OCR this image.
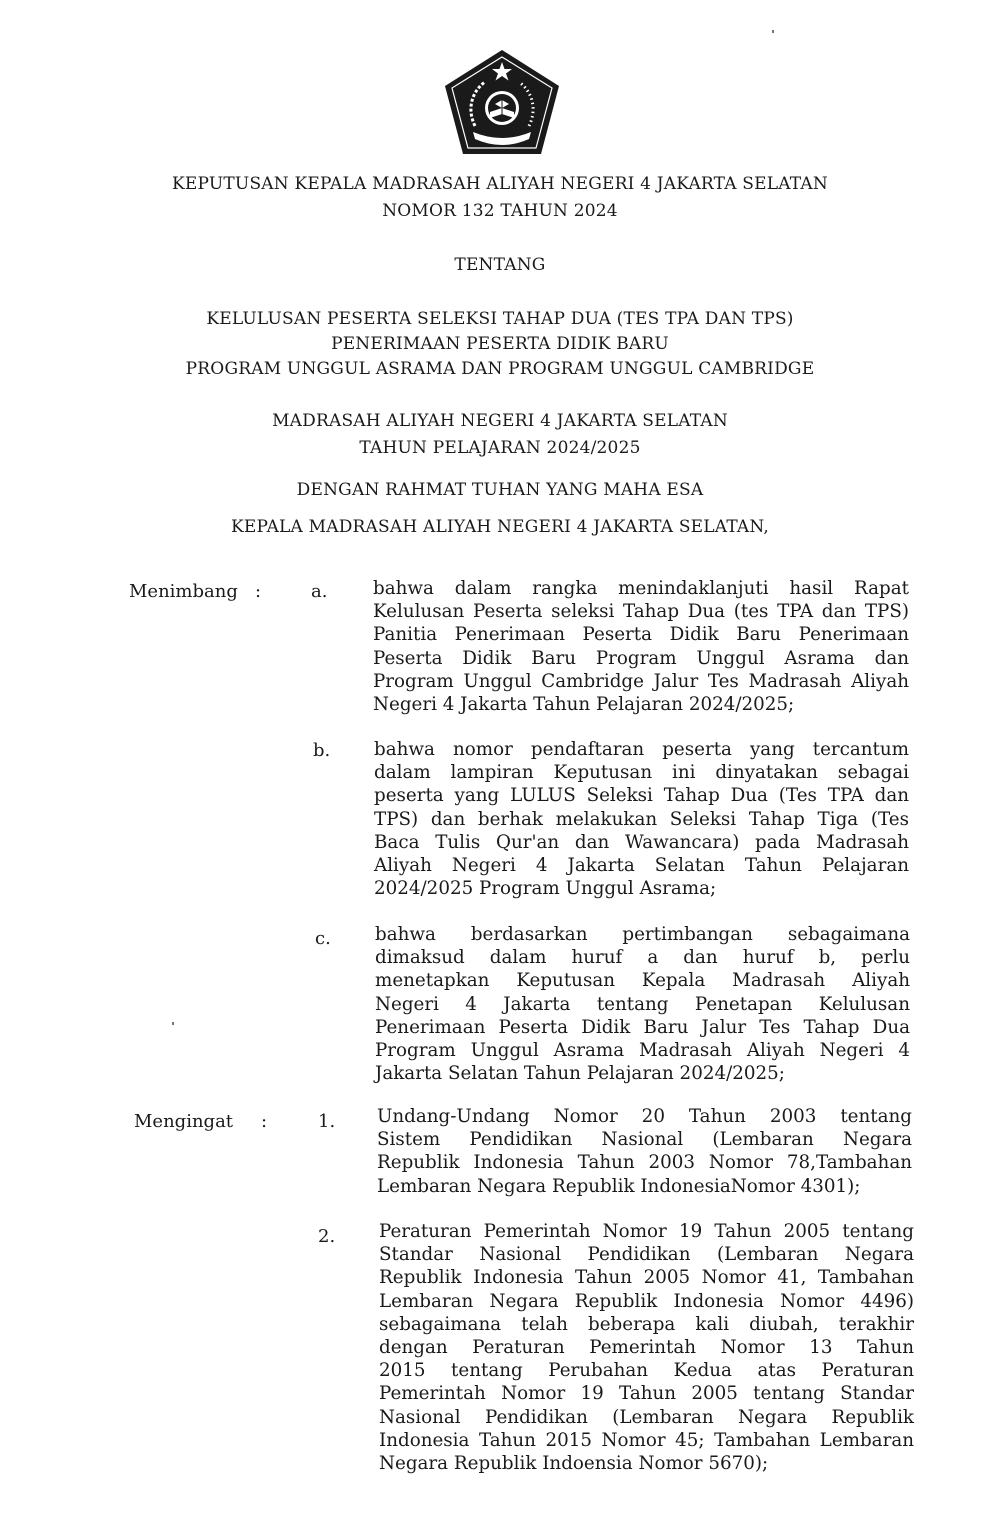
KEPUTUSAN KEPALA MADRASAH ALIYAH NEGERI 4 JAKARTA SELATAN
NOMOR 132 TAHUN 2024
TENTANG
KELULUSAN PESERTA SELEKSI TAHAP DUA (TES TPA DAN TPS)
PENERIMAAN PESERTA DIDIK BARU
PROGRAM UNGGUL ASRAMA DAN PROGRAM UNGGUL CAMBRIDGE
MADRASAH ALIYAH NEGERI 4 JAKARTA SELATAN
TAHUN PELAJARAN 2024/2025
DENGAN RAHMAT TUHAN YANG MAHA ESA
KEPALA MADRASAH ALIYAH NEGERI 4 JAKARTA SELATAN,
Menimbang :	a. bahwa dalam rangka menindaklanjuti hasil Rapat
Kelulusan Peserta seleksi Tahap Dua (tes TPA dan TPS)
Panitia Penerimaan Peserta Didik Baru Penerimaan
Peserta Didik Baru Program Unggul Asrama dan
Program Unggul Cambridge Jalur Tes Madrasah Aliyah
Negeri 4 Jakarta Tahun Pelajaran 2024/2025;
b. bahwa nomor pendaftaran peserta yang tercantum
dalam lampiran Keputusan ini dinyatakan sebagai
peserta yang LULUS Seleksi Tahap Dua (Tes TPA dan
TPS) dan berhak melakukan Seleksi Tahap Tiga (Tes
Baca Tulis Qur'an dan Wawancara) pada Madrasah
Aliyah Negeri 4 Jakarta Selatan Tahun Pelajaran
2024/2025 Program Unggul Asrama;
c. bahwa berdasarkan pertimbangan sebagaimana
dimaksud dalam huruf a dan huruf b, perlu
menetapkan Keputusan Kepala Madrasah Aliyah
Negeri 4 Jakarta tentang Penetapan Kelulusan
Penerimaan Peserta Didik Baru Jalur Tes Tahap Dua
Program Unggul Asrama Madrasah Aliyah Negeri 4
Jakarta Selatan Tahun Pelajaran 2024/2025;
Mengingat :	1. Undang-Undang Nomor 20 Tahun 2003 tentang
Sistem Pendidikan Nasional (Lembaran Negara
Republik Indonesia Tahun 2003 Nomor 78,Tambahan
Lembaran Negara Republik IndonesiaNomor 4301);
2. Peraturan Pemerintah Nomor 19 Tahun 2005 tentang
Standar Nasional Pendidikan (Lembaran Negara
Republik Indonesia Tahun 2005 Nomor 41, Tambahan
Lembaran Negara Republik Indonesia Nomor 4496)
sebagaimana telah beberapa kali diubah, terakhir
dengan Peraturan Pemerintah Nomor 13 Tahun
2015 tentang Perubahan Kedua atas Peraturan
Pemerintah Nomor 19 Tahun 2005 tentang Standar
Nasional Pendidikan (Lembaran Negara Republik
Indonesia Tahun 2015 Nomor 45; Tambahan Lembaran
Negara Republik Indoensia Nomor 5670);
